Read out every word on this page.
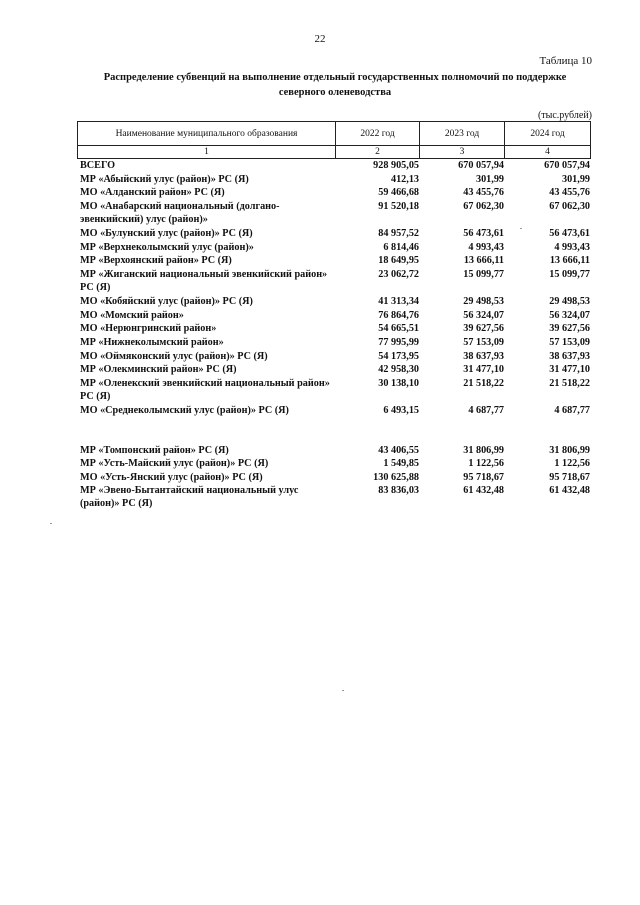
22
Таблица 10
Распределение субвенций на выполнение отдельный государственных полномочий по поддержке северного оленеводства
(тыс.рублей)
Наименование муниципального образования	2022 год	2023 год	2024 год
1	2	3	4
ВСЕГО	928 905,05	670 057,94	670 057,94
МР «Абыйский улус (район)» РС (Я)	412,13	301,99	301,99
МО «Алданский район» РС (Я)	59 466,68	43 455,76	43 455,76
МО «Анабарский национальный (долгано-эвенкийский) улус (район)»	91 520,18	67 062,30	67 062,30
МО «Булунский улус (район)» РС (Я)	84 957,52	56 473,61	56 473,61
МР «Верхнеколымский улус (район)»	6 814,46	4 993,43	4 993,43
МР «Верхоянский район» РС (Я)	18 649,95	13 666,11	13 666,11
МР «Жиганский национальный эвенкийский район» РС (Я)	23 062,72	15 099,77	15 099,77
МО «Кобяйский улус (район)» РС (Я)	41 313,34	29 498,53	29 498,53
МО «Момский район»	76 864,76	56 324,07	56 324,07
МО «Нерюнгринский район»	54 665,51	39 627,56	39 627,56
МР «Нижнеколымский район»	77 995,99	57 153,09	57 153,09
МО «Оймяконский улус (район)» РС (Я)	54 173,95	38 637,93	38 637,93
МР «Олекминский район» РС (Я)	42 958,30	31 477,10	31 477,10
МР «Оленекский эвенкийский национальный район» РС (Я)	30 138,10	21 518,22	21 518,22
МО «Среднеколымский улус (район)» РС (Я)	6 493,15	4 687,77	4 687,77

МР «Томпонский район» РС (Я)	43 406,55	31 806,99	31 806,99
МР «Усть-Майский улус (район)» РС (Я)	1 549,85	1 122,56	1 122,56
МО «Усть-Янский улус (район)» РС (Я)	130 625,88	95 718,67	95 718,67
МР «Эвено-Бытантайский национальный улус (район)» РС (Я)	83 836,03	61 432,48	61 432,48
